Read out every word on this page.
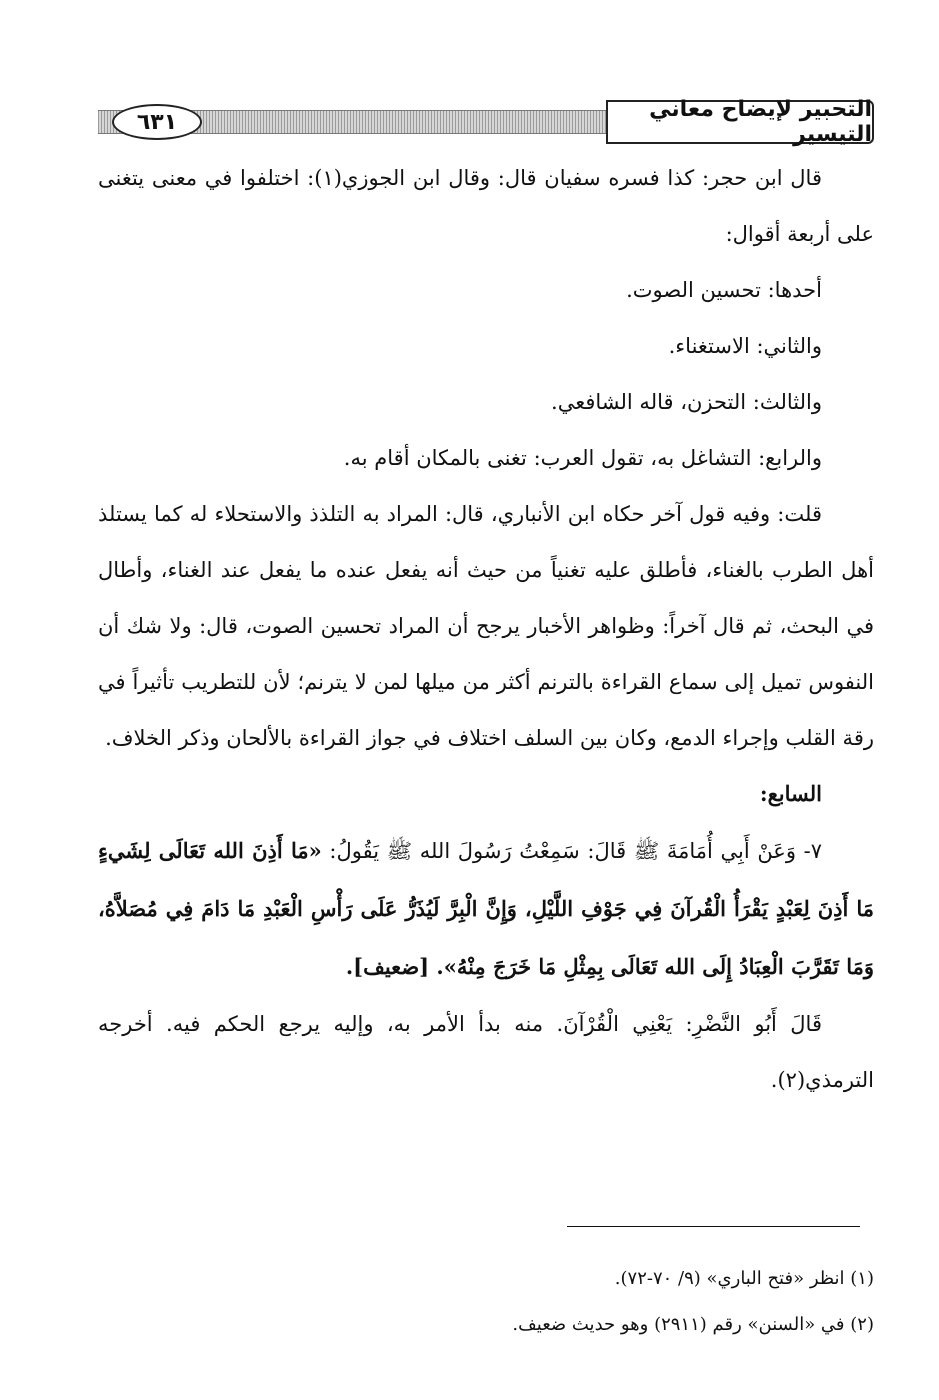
التحبير لإيضاح معاني التيسير
٦٣١

قال ابن حجر: كذا فسره سفيان قال: وقال ابن الجوزي(١): اختلفوا في معنى يتغنى على أربعة أقوال:

أحدها: تحسين الصوت.

والثاني: الاستغناء.

والثالث: التحزن، قاله الشافعي.

والرابع: التشاغل به، تقول العرب: تغنى بالمكان أقام به.

قلت: وفيه قول آخر حكاه ابن الأنباري، قال: المراد به التلذذ والاستحلاء له كما يستلذ أهل الطرب بالغناء، فأطلق عليه تغنياً من حيث أنه يفعل عنده ما يفعل عند الغناء، وأطال في البحث، ثم قال آخراً: وظواهر الأخبار يرجح أن المراد تحسين الصوت، قال: ولا شك أن النفوس تميل إلى سماع القراءة بالترنم أكثر من ميلها لمن لا يترنم؛ لأن للتطريب تأثيراً في رقة القلب وإجراء الدمع، وكان بين السلف اختلاف في جواز القراءة بالألحان وذكر الخلاف.

السابع:

٧- وَعَنْ أَبِي أُمَامَةَ ﷺ قَالَ: سَمِعْتُ رَسُولَ الله ﷺ يَقُولُ: «مَا أَذِنَ الله تَعَالَى لِشَيءٍ مَا أَذِنَ لِعَبْدٍ يَقْرَأُ الْقُرآنَ فِي جَوْفِ اللَّيْلِ، وَإِنَّ الْبِرَّ لَيُذَرُّ عَلَى رَأْسِ الْعَبْدِ مَا دَامَ فِي مُصَلاَّهُ، وَمَا تَقَرَّبَ الْعِبَادُ إِلَى الله تَعَالَى بِمِثْلِ مَا خَرَجَ مِنْهُ». [ضعيف].

قَالَ أَبُو النَّضْرِ: يَعْنِي الْقُرْآنَ. منه بدأ الأمر به، وإليه يرجع الحكم فيه. أخرجه الترمذي(٢).

(١) انظر «فتح الباري» (٩/ ٧٠-٧٢).

(٢) في «السنن» رقم (٢٩١١) وهو حديث ضعيف.
